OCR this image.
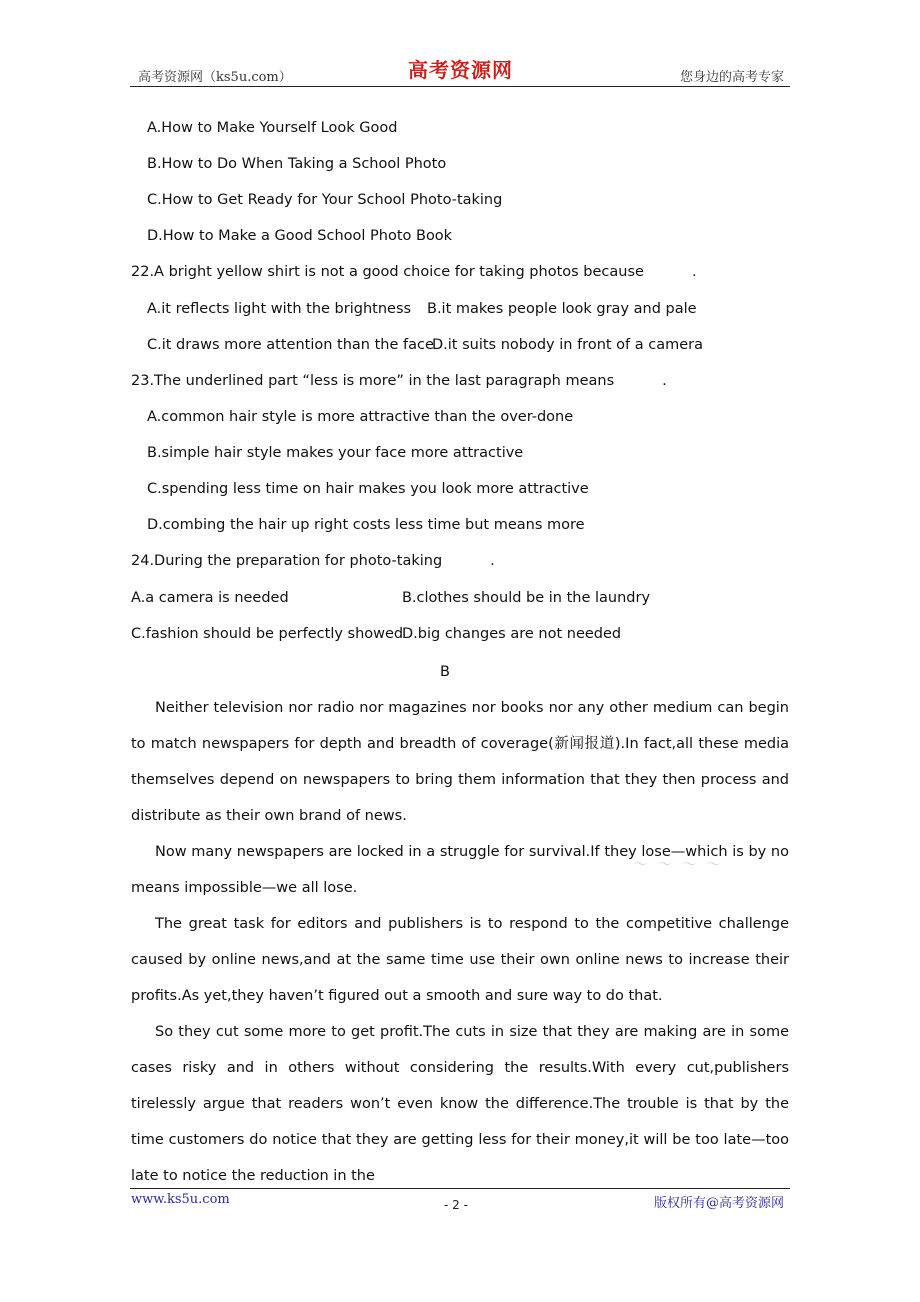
高考资源网（ks5u.com）	高考资源网	您身边的高考专家
A.How to Make Yourself Look Good
B.How to Do When Taking a School Photo
C.How to Get Ready for Your School Photo-taking
D.How to Make a Good School Photo Book
22.A bright yellow shirt is not a good choice for taking photos because	.
A.it reflects light with the brightness B.it makes people look gray and pale
C.it draws more attention than the face
D.it suits nobody in front of a camera
23.The underlined part “less is more” in the last paragraph means	.
A.common hair style is more attractive than the over-done
B.simple hair style makes your face more attractive
C.spending less time on hair makes you look more attractive
D.combing the hair up right costs less time but means more
24.During the preparation for photo-taking	.
A.a camera is needed	B.clothes should be in the laundry
C.fashion should be perfectly showed
D.big changes are not needed
B

Neither television nor radio nor magazines nor books nor any other medium can begin to match newspapers for depth and breadth of coverage(新闻报道).In fact,all these media themselves depend on newspapers to bring them information that they then process and distribute as their own brand of news.

Now many newspapers are locked in a struggle for survival.If they lose—which is by no means impossible—we all lose.

The great task for editors and publishers is to respond to the competitive challenge caused by online news,and at the same time use their own online news to increase their profits.As yet,they haven’t figured out a smooth and sure way to do that.

So they cut some more to get profit.The cuts in size that they are making are in some cases risky and in others without considering the results.With every cut,publishers tirelessly argue that readers won’t even know the difference.The trouble is that by the time customers do notice that they are getting less for their money,it will be too late—too late to notice the reduction in the

～ ～ ～ ～
www.ks5u.com	- 2 -	版权所有@高考资源网
